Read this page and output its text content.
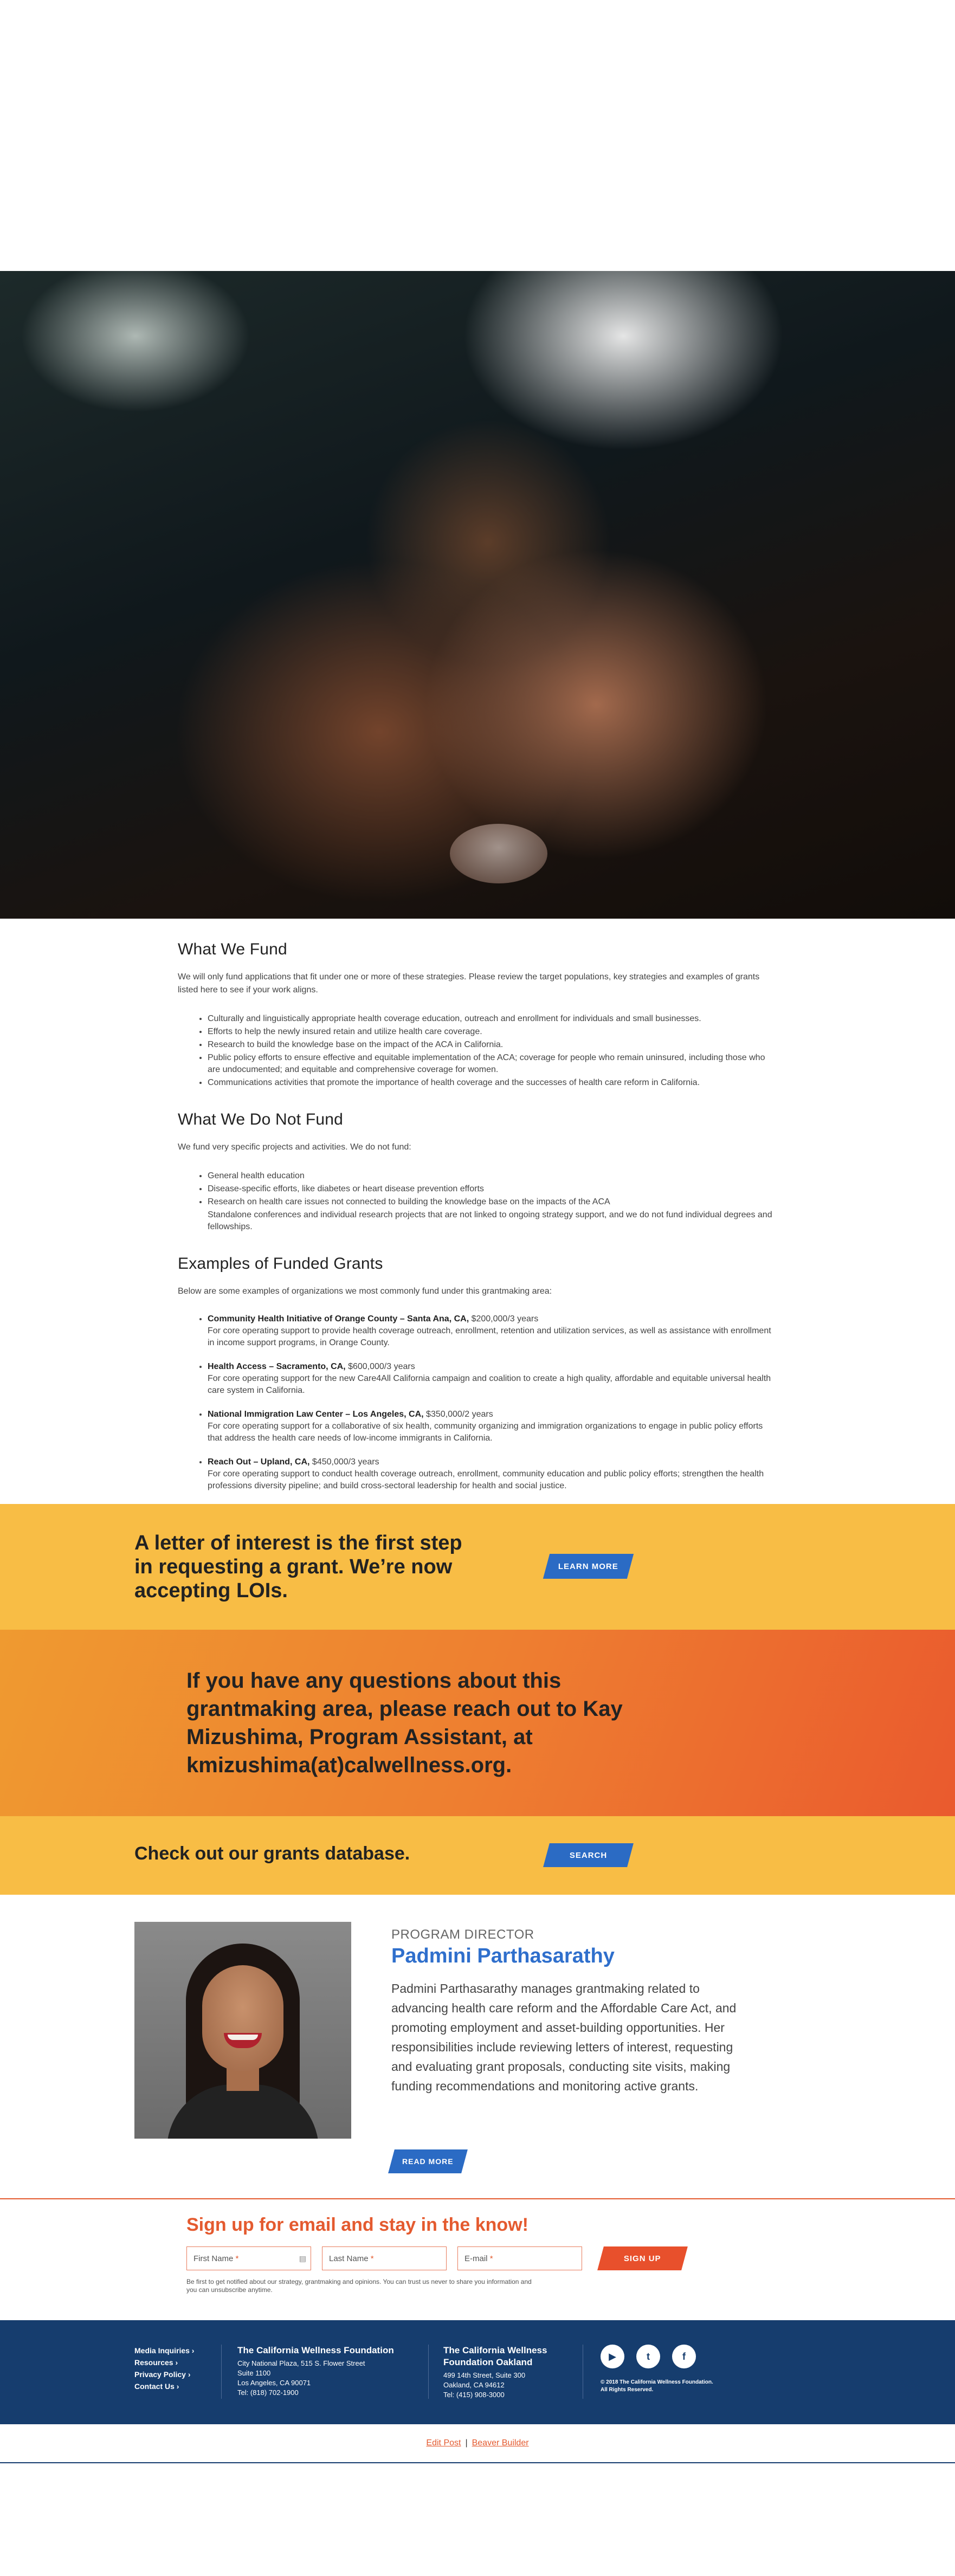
What We Fund

We will only fund applications that fit under one or more of these strategies. Please review the target populations, key strategies and examples of grants listed here to see if your work aligns.

• Culturally and linguistically appropriate health coverage education, outreach and enrollment for individuals and small businesses.
• Efforts to help the newly insured retain and utilize health care coverage.
• Research to build the knowledge base on the impact of the ACA in California.
• Public policy efforts to ensure effective and equitable implementation of the ACA; coverage for people who remain uninsured, including those who are undocumented; and equitable and comprehensive coverage for women.
• Communications activities that promote the importance of health coverage and the successes of health care reform in California.
What We Do Not Fund

We fund very specific projects and activities. We do not fund:

• General health education
• Disease-specific efforts, like diabetes or heart disease prevention efforts
• Research on health care issues not connected to building the knowledge base on the impacts of the ACA
Standalone conferences and individual research projects that are not linked to ongoing strategy support, and we do not fund individual degrees and fellowships.
Examples of Funded Grants

Below are some examples of organizations we most commonly fund under this grantmaking area:

• Community Health Initiative of Orange County – Santa Ana, CA, $200,000/3 years
For core operating support to provide health coverage outreach, enrollment, retention and utilization services, as well as assistance with enrollment in income support programs, in Orange County.
• Health Access – Sacramento, CA, $600,000/3 years
For core operating support for the new Care4All California campaign and coalition to create a high quality, affordable and equitable universal health care system in California.
• National Immigration Law Center – Los Angeles, CA, $350,000/2 years
For core operating support for a collaborative of six health, community organizing and immigration organizations to engage in public policy efforts that address the health care needs of low-income immigrants in California.
• Reach Out – Upland, CA, $450,000/3 years
For core operating support to conduct health coverage outreach, enrollment, community education and public policy efforts; strengthen the health professions diversity pipeline; and build cross-sectoral leadership for health and social justice.
A letter of interest is the first step in requesting a grant. We’re now accepting LOIs.
LEARN MORE
If you have any questions about this grantmaking area, please reach out to Kay Mizushima, Program Assistant, at kmizushima(at)calwellness.org.
Check out our grants database.	SEARCH
PROGRAM DIRECTOR
Padmini Parthasarathy
Padmini Parthasarathy manages grantmaking related to advancing health care reform and the Affordable Care Act, and promoting employment and asset-building opportunities. Her responsibilities include reviewing letters of interest, requesting and evaluating grant proposals, conducting site visits, making funding recommendations and monitoring active grants.
READ MORE
Sign up for email and stay in the know!
First Name *	▤	Last Name *	E-mail *	SIGN UP
Be first to get notified about our strategy, grantmaking and opinions. You can trust us never to share you information and you can unsubscribe anytime.
Media Inquiries ›
Resources ›
Privacy Policy ›
Contact Us ›
The California Wellness Foundation
City National Plaza, 515 S. Flower Street
Suite 1100
Los Angeles, CA 90071
Tel: (818) 702-1900
The California Wellness
Foundation Oakland
499 14th Street, Suite 300
Oakland, CA 94612
Tel: (415) 908-3000
▶	t	f
© 2018 The California Wellness Foundation.
All Rights Reserved.
Edit Post | Beaver Builder
